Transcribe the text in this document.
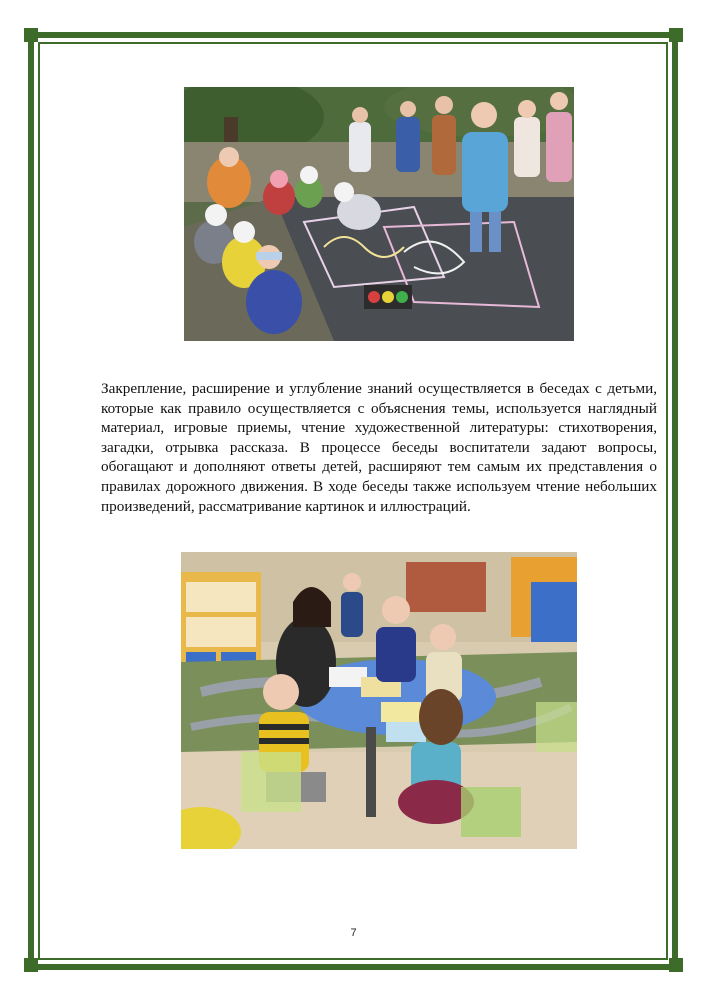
Закрепление, расширение и углубление знаний осуществляется в беседах с детьми, которые как правило осуществляется с объяснения темы, используется наглядный материал, игровые приемы, чтение художественной литературы: стихотворения, загадки, отрывка рассказа. В процессе беседы воспитатели задают вопросы, обогащают и дополняют ответы детей, расширяют тем самым их представления о правилах дорожного движения. В ходе беседы также используем чтение небольших произведений, рассматривание картинок и иллюстраций.

7
